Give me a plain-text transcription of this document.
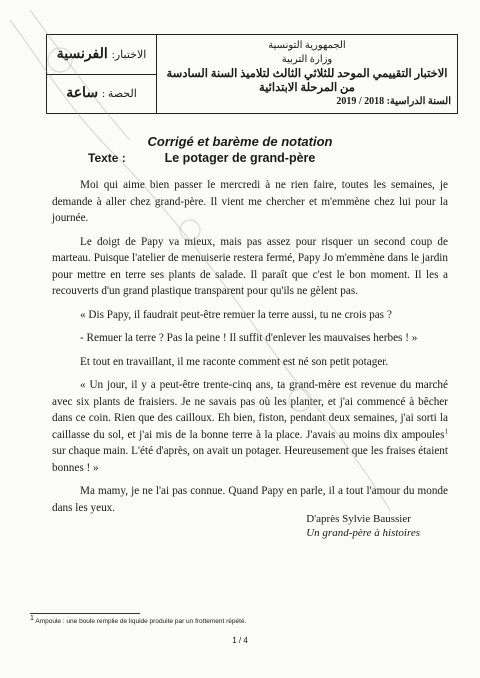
الاختبار:
الفرنسية
الحصة :
ساعة
الجمهورية التونسية
وزارة التربية
الاختبار التقييمي الموحد للثلاثي الثالث لتلاميذ السنة السادسة من المرحلة الابتدائية
السنة الدراسية: 2018 / 2019
Corrigé et barème de notation
Texte :	Le potager de grand-père

Moi qui aime bien passer le mercredi à ne rien faire, toutes les semaines, je demande à aller chez grand-père. Il vient me chercher et m'emmène chez lui pour la journée.

Le doigt de Papy va mieux, mais pas assez pour risquer un second coup de marteau. Puisque l'atelier de menuiserie restera fermé, Papy Jo m'emmène dans le jardin pour mettre en terre ses plants de salade. Il paraît que c'est le bon moment. Il les a recouverts d'un grand plastique transparent pour qu'ils ne gèlent pas.

« Dis Papy, il faudrait peut-être remuer la terre aussi, tu ne crois pas ?

- Remuer la terre ? Pas la peine ! Il suffit d'enlever les mauvaises herbes ! »

Et tout en travaillant, il me raconte comment est né son petit potager.

« Un jour, il y a peut-être trente-cinq ans, ta grand-mère est revenue du marché avec six plants de fraisiers. Je ne savais pas où les planter, et j'ai commencé à bêcher dans ce coin. Rien que des cailloux. Eh bien, fiston, pendant deux semaines, j'ai sorti la caillasse du sol, et j'ai mis de la bonne terre à la place. J'avais au moins dix ampoules$^1$ sur chaque main. L'été d'après, on avait un potager. Heureusement que les fraises étaient bonnes ! »

Ma mamy, je ne l'ai pas connue. Quand Papy en parle, il a tout l'amour du monde dans les yeux.

D'après Sylvie Baussier
Un grand-père à histoires
$^1$ Ampoule : une boule remplie de liquide produite par un frottement répété.
1 / 4
